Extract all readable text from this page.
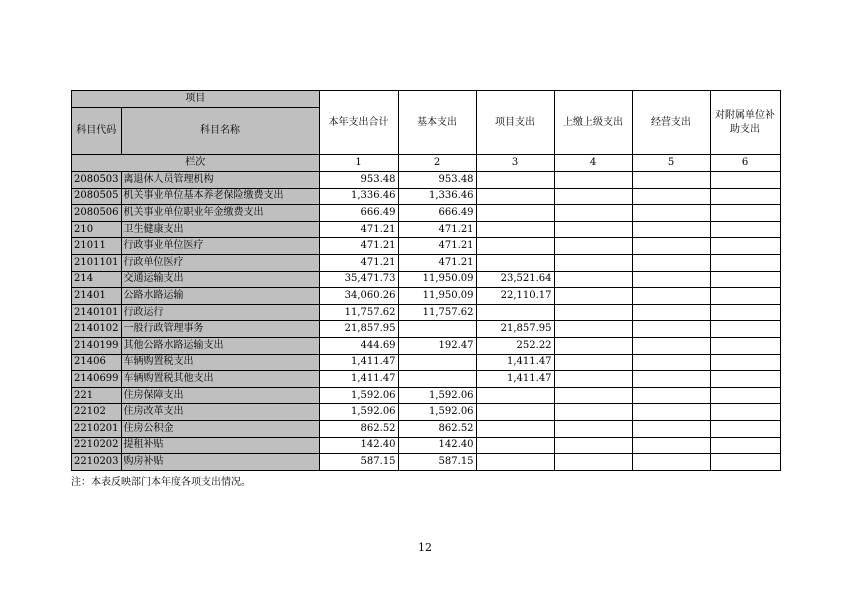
项目		本年支出合计	基本支出	项目支出	上缴上级支出	经营支出	对附属单位补助支出
科目代码	科目名称						
栏次		1	2	3	4	5	6
2080503	离退休人员管理机构	953.48	953.48				
2080505	机关事业单位基本养老保险缴费支出	1,336.46	1,336.46				
2080506	机关事业单位职业年金缴费支出	666.49	666.49				
210	卫生健康支出	471.21	471.21				
21011	行政事业单位医疗	471.21	471.21				
2101101	行政单位医疗	471.21	471.21				
214	交通运输支出	35,471.73	11,950.09	23,521.64			
21401	公路水路运输	34,060.26	11,950.09	22,110.17			
2140101	行政运行	11,757.62	11,757.62				
2140102	一般行政管理事务	21,857.95		21,857.95			
2140199	其他公路水路运输支出	444.69	192.47	252.22			
21406	车辆购置税支出	1,411.47		1,411.47			
2140699	车辆购置税其他支出	1,411.47		1,411.47			
221	住房保障支出	1,592.06	1,592.06				
22102	住房改革支出	1,592.06	1,592.06				
2210201	住房公积金	862.52	862.52				
2210202	提租补贴	142.40	142.40				
2210203	购房补贴	587.15	587.15				
注：本表反映部门本年度各项支出情况。
12
